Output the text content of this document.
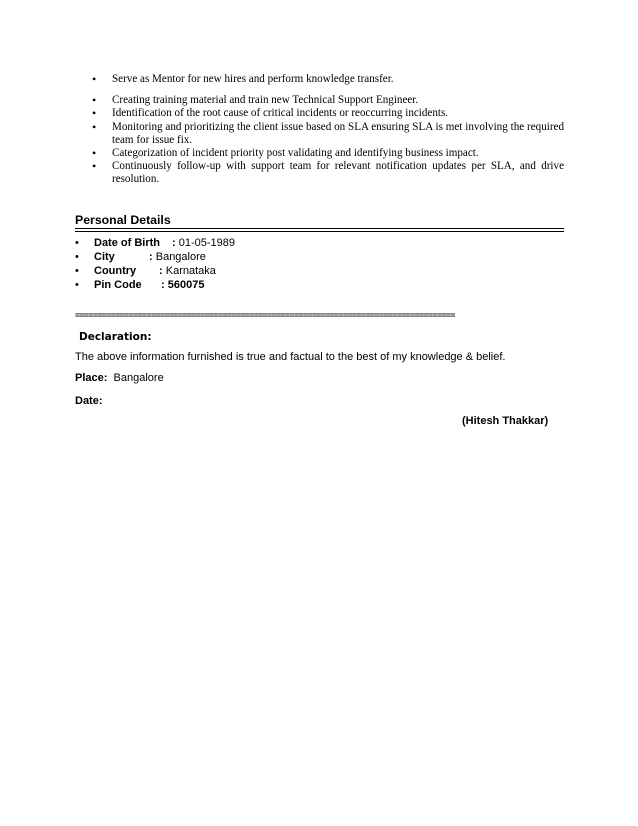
• Serve as Mentor for new hires and perform knowledge transfer.
• Creating training material and train new Technical Support Engineer.
• Identification of the root cause of critical incidents or reoccurring incidents.
• Monitoring and prioritizing the client issue based on SLA ensuring SLA is met involving the required team for issue fix.
• Categorization of incident priority post validating and identifying business impact.
• Continuously follow-up with support team for relevant notification updates per SLA, and drive resolution.
Personal Details
• Date of Birth : 01-05-1989
• City	: Bangalore
• Country : Karnataka
• Pin Code : 560075
=====================================================================================
Declaration:
The above information furnished is true and factual to the best of my knowledge & belief.
Place: Bangalore
Date:
(Hitesh Thakkar)
